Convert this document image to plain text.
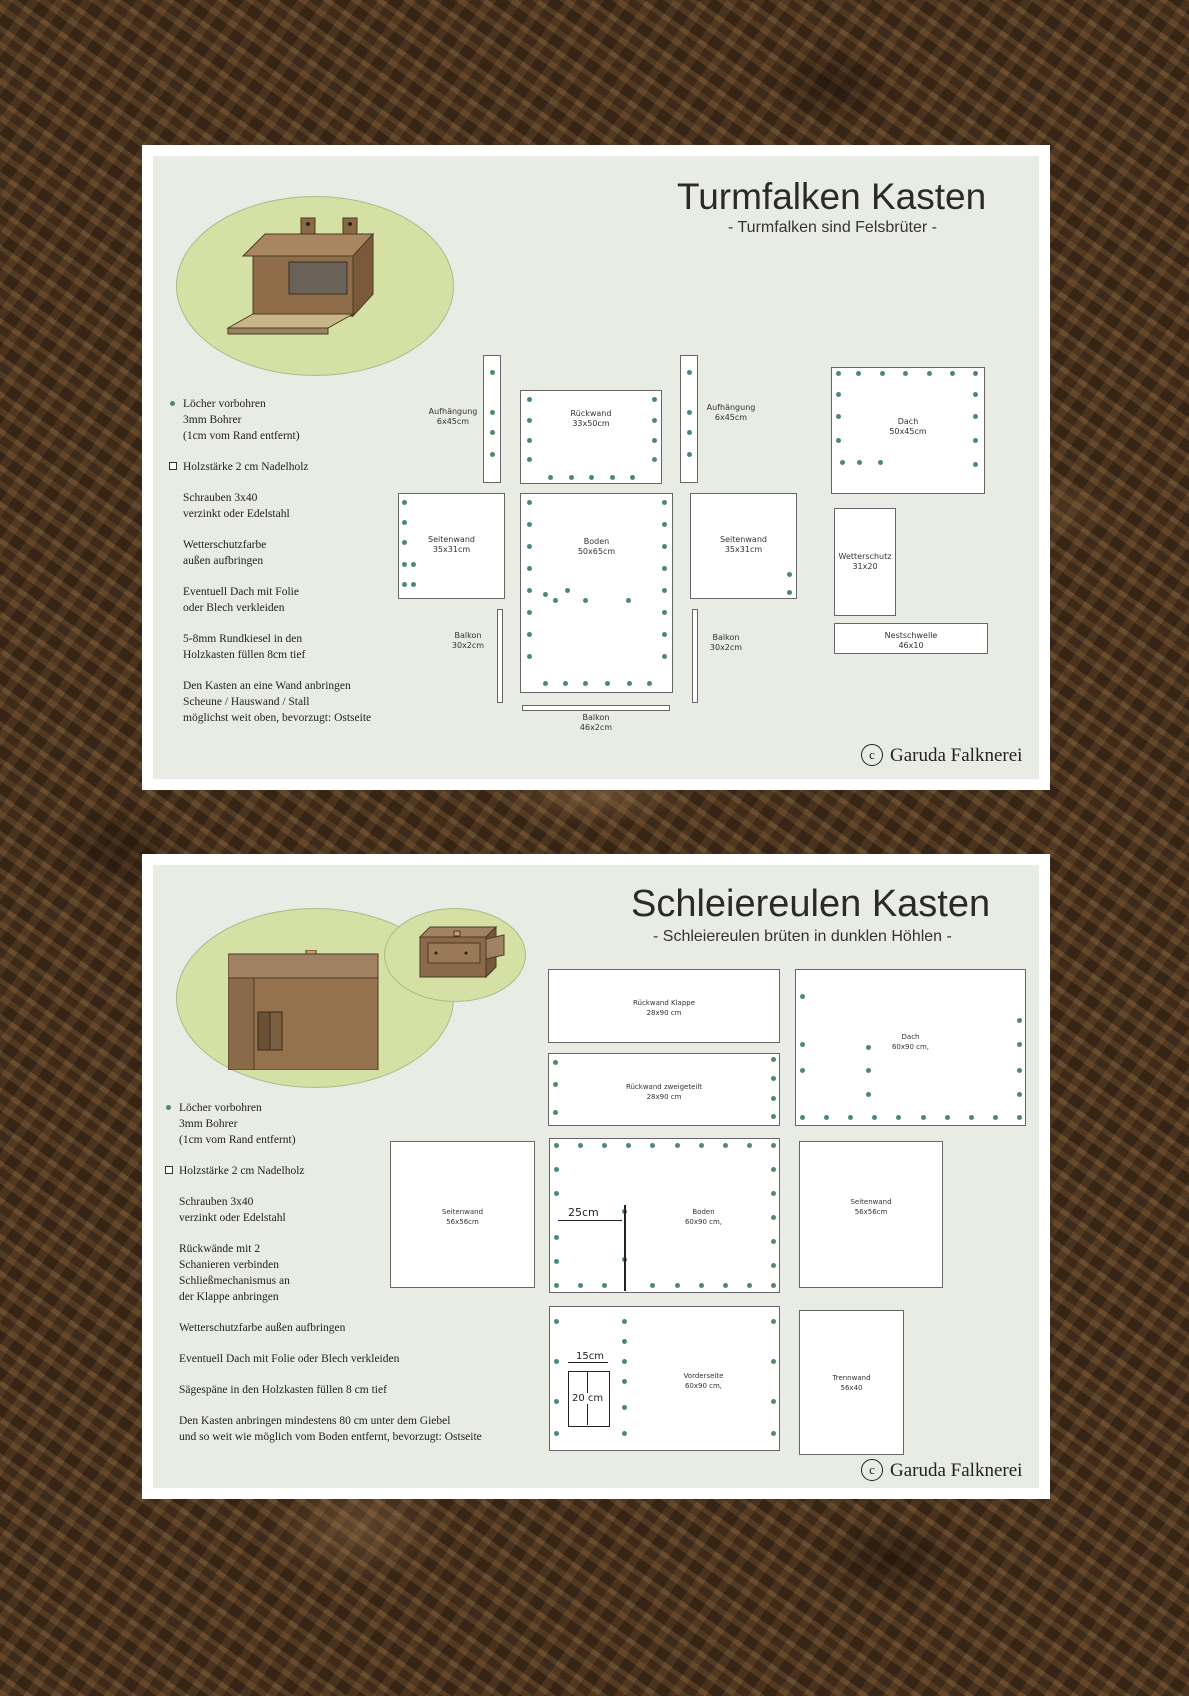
Turmfalken Kasten
- Turmfalken sind Felsbrüter -
Löcher vorbohren
3mm Bohrer
(1cm vom Rand entfernt)
Holzstärke 2 cm Nadelholz
Schrauben 3x40
verzinkt oder Edelstahl
Wetterschutzfarbe
außen aufbringen
Eventuell Dach mit Folie
oder Blech verkleiden
5-8mm Rundkiesel in den
Holzkasten füllen 8cm tief
Den Kasten an eine Wand anbringen
Scheune / Hauswand / Stall
möglichst weit oben, bevorzugt: Ostseite
Aufhängung
6x45cm
Rückwand
33x50cm
Aufhängung
6x45cm	Dach
50x45cm
Seitenwand
35x31cm
Boden
50x65cm
Seitenwand
35x31cm
Wetterschutz
31x20
Nestschwelle
46x10
Balkon
30x2cm
Balkon
30x2cm
Balkon
46x2cm
c Garuda Falknerei
Schleiereulen Kasten
- Schleiereulen brüten in dunklen Höhlen -
Löcher vorbohren
3mm Bohrer
(1cm vom Rand entfernt)
Holzstärke 2 cm Nadelholz
Schrauben 3x40
verzinkt oder Edelstahl
Rückwände mit 2
Schanieren verbinden
Schließmechanismus an
der Klappe anbringen
Wetterschutzfarbe außen aufbringen
Eventuell Dach mit Folie oder Blech verkleiden
Sägespäne in den Holzkasten füllen 8 cm tief
Den Kasten anbringen mindestens 80 cm unter dem Giebel
und so weit wie möglich vom Boden entfernt, bevorzugt: Ostseite
Rückwand Klappe
28x90 cm
Dach
60x90 cm,
Rückwand zweigeteilt
28x90 cm
Seitenwand
56x56cm
Boden
60x90 cm,
25cm
Seitenwand
56x56cm
Vorderseite
60x90 cm,
15cm
20 cm
Trennwand
56x40
c Garuda Falknerei
